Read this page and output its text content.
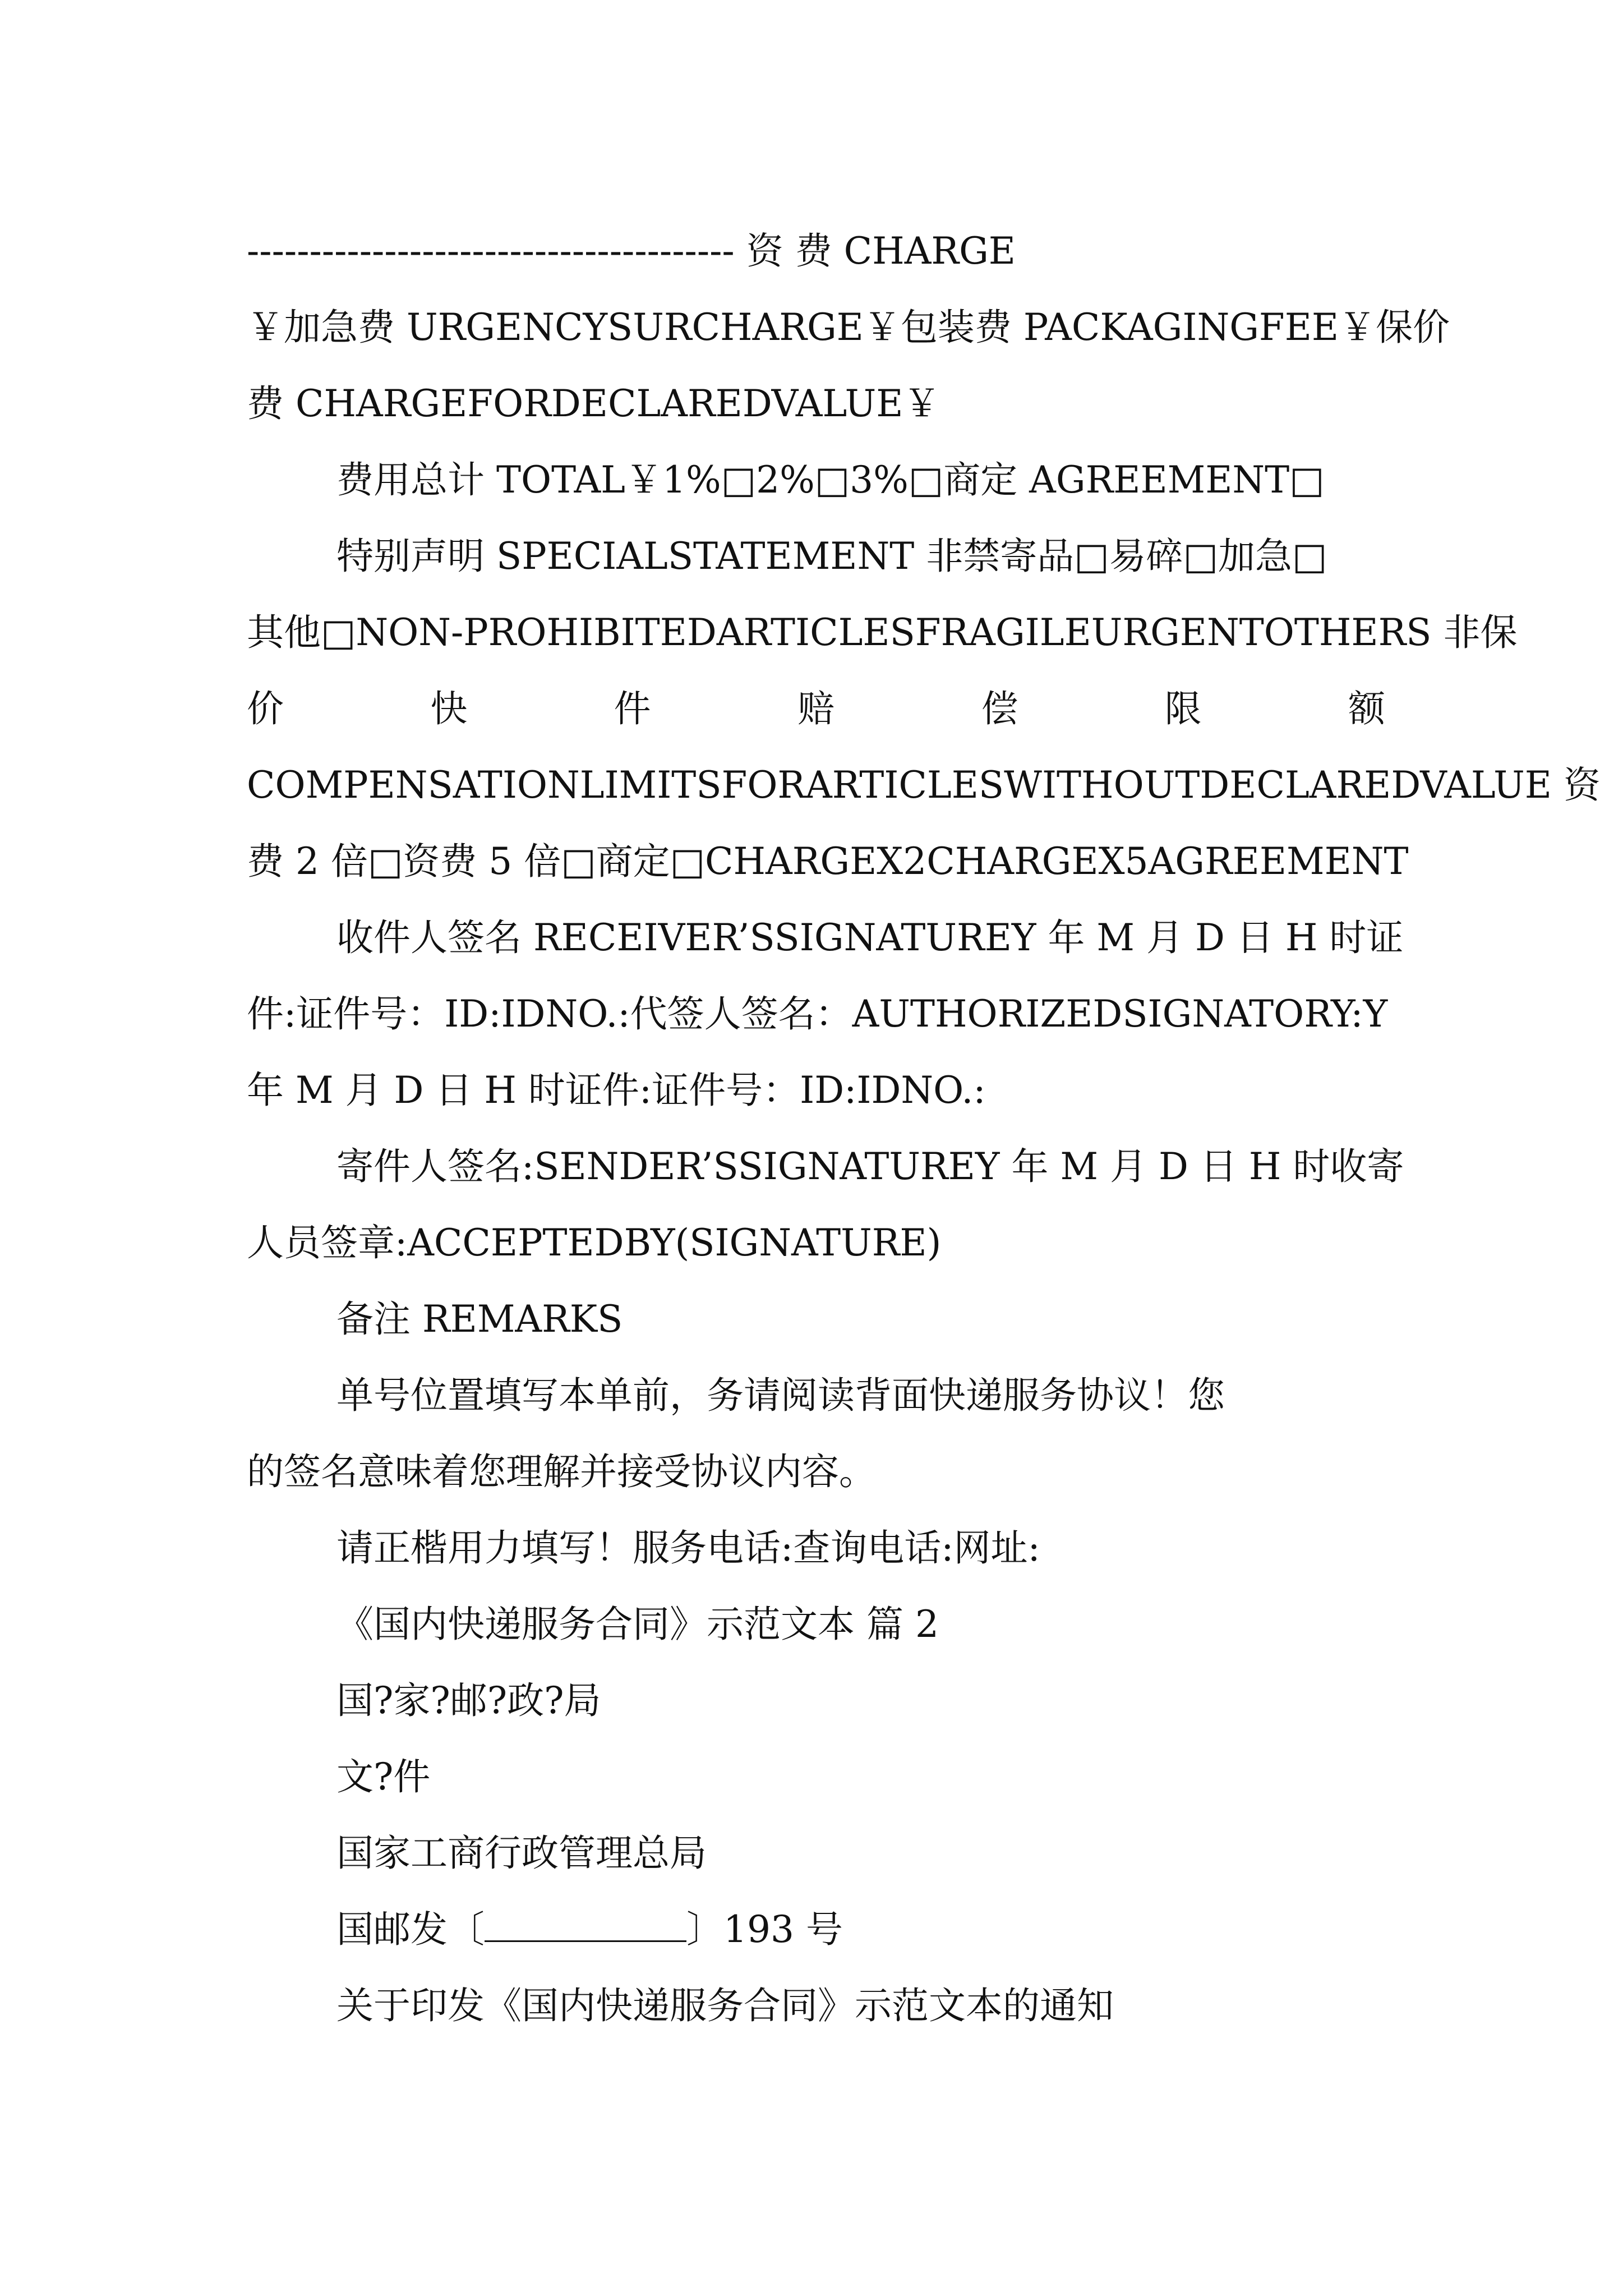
--------------------------------------- 资 费 CHARGE
￥加急费 URGENCYSURCHARGE￥包装费 PACKAGINGFEE￥保价
费 CHARGEFORDECLAREDVALUE￥
费用总计 TOTAL￥1%□2%□3%□商定 AGREEMENT□
特别声明 SPECIALSTATEMENT 非禁寄品□易碎□加急□
其他□NON-PROHIBITEDARTICLESFRAGILEURGENTOTHERS 非保
价	快	件	赔	偿	限	额
COMPENSATIONLIMITSFORARTICLESWITHOUTDECLAREDVALUE 资
费 2 倍□资费 5 倍□商定□CHARGEX2CHARGEX5AGREEMENT
收件人签名 RECEIVER’SSIGNATUREY 年 M 月 D 日 H 时证
件:证件号：ID:IDNO.:代签人签名：AUTHORIZEDSIGNATORY:Y
年 M 月 D 日 H 时证件:证件号：ID:IDNO.:
寄件人签名:SENDER’SSIGNATUREY 年 M 月 D 日 H 时收寄
人员签章:ACCEPTEDBY(SIGNATURE)
备注 REMARKS
单号位置填写本单前，务请阅读背面快递服务协议！您
的签名意味着您理解并接受协议内容。
请正楷用力填写！服务电话:查询电话:网址:
《国内快递服务合同》示范文本 篇 2
国?家?邮?政?局
文?件
国家工商行政管理总局
国邮发〔	〕193 号
关于印发《国内快递服务合同》示范文本的通知
